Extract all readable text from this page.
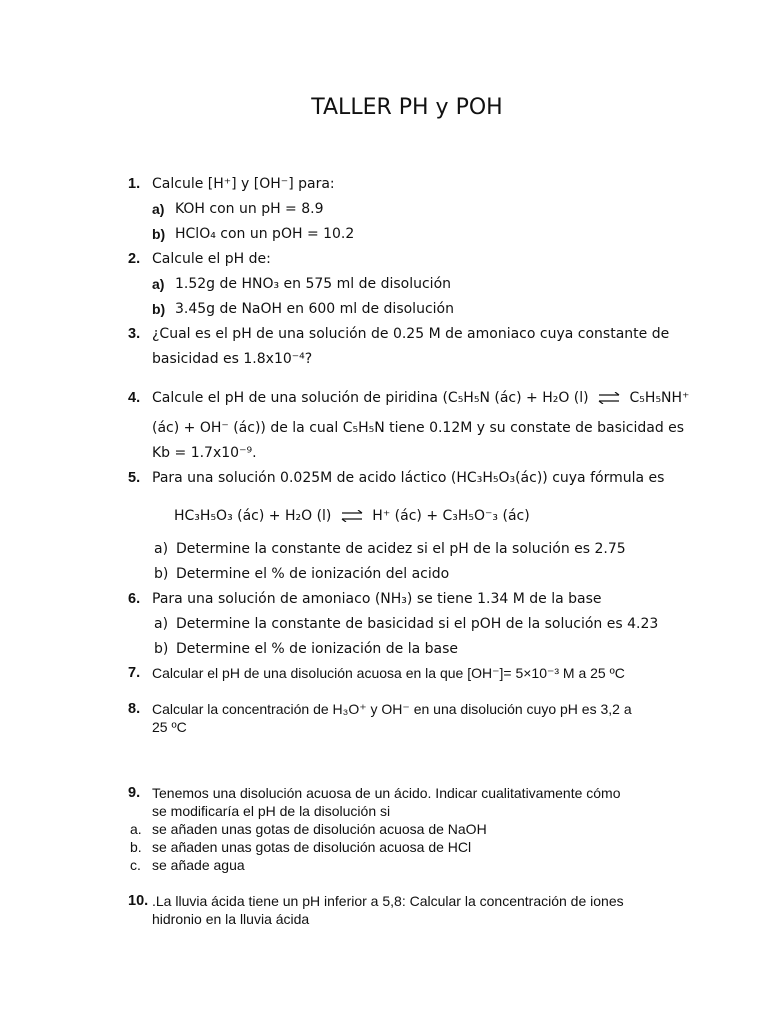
TALLER PH y POH
1. Calcule [H⁺] y [OH⁻] para:
a) KOH con un pH = 8.9
b) HClO₄ con un pOH = 10.2
2. Calcule el pH de:
a) 1.52g de HNO₃ en 575 ml de disolución
b) 3.45g de NaOH en 600 ml de disolución
3. ¿Cual es el pH de una solución de 0.25 M de amoniaco cuya constante de
basicidad es 1.8x10⁻⁴?
4. Calcule el pH de una solución de piridina (C₅H₅N (ác) + H₂O (l) ⇌ C₅H₅NH⁺
(ác) + OH⁻ (ác)) de la cual C₅H₅N tiene 0.12M y su constate de basicidad es
Kb = 1.7x10⁻⁹.
5. Para una solución 0.025M de acido láctico (HC₃H₅O₃(ác)) cuya fórmula es
HC₃H₅O₃ (ác) + H₂O (l) ⇌ H⁺ (ác) + C₃H₅O⁻₃ (ác)
a) Determine la constante de acidez si el pH de la solución es 2.75
b) Determine el % de ionización del acido
6. Para una solución de amoniaco (NH₃) se tiene 1.34 M de la base
a) Determine la constante de basicidad si el pOH de la solución es 4.23
b) Determine el % de ionización de la base
7. Calcular el pH de una disolución acuosa en la que [OH⁻]= 5×10⁻³ M a 25 ºC
8. Calcular la concentración de H₃O⁺ y OH⁻ en una disolución cuyo pH es 3,2 a
25 ºC
9. Tenemos una disolución acuosa de un ácido. Indicar cualitativamente cómo
se modificaría el pH de la disolución si
a. se añaden unas gotas de disolución acuosa de NaOH
b. se añaden unas gotas de disolución acuosa de HCl
c. se añade agua
10. .La lluvia ácida tiene un pH inferior a 5,8: Calcular la concentración de iones
hidronio en la lluvia ácida
